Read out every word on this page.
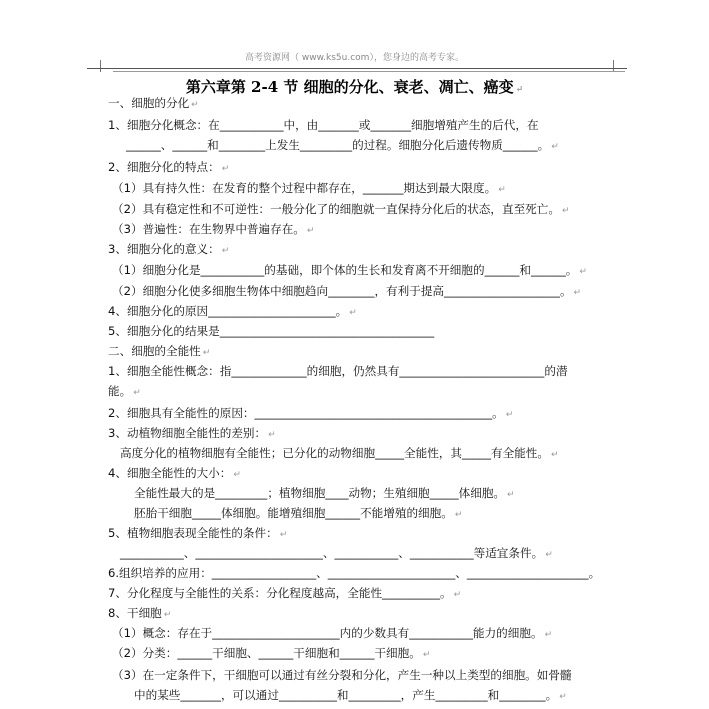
高考资源网（ www.ks5u.com），您身边的高考专家。
第六章第 2-4 节 细胞的分化、衰老、凋亡、癌变 ↵
一、细胞的分化 ↵
1、细胞分化概念：在___________中，由_______或_______细胞增殖产生的后代，在
______、______和________上发生_________的过程。细胞分化后遗传物质______。 ↵
2、细胞分化的特点： ↵
（1）具有持久性：在发育的整个过程中都存在，_______期达到最大限度。 ↵
（2）具有稳定性和不可逆性：一般分化了的细胞就一直保持分化后的状态，直至死亡。 ↵
（3）普遍性：在生物界中普遍存在。 ↵
3、细胞分化的意义： ↵
（1）细胞分化是___________的基础，即个体的生长和发育离不开细胞的______和______。 ↵
（2）细胞分化使多细胞生物体中细胞趋向________，有利于提高____________________。 ↵
4、细胞分化的原因______________________。 ↵
5、细胞分化的结果是_____________________________________
二、细胞的全能性 ↵
1、细胞全能性概念：指_____________的细胞，仍然具有_________________________的潜
能。 ↵
2、细胞具有全能性的原因：_________________________________________。 ↵
3、动植物细胞全能性的差别： ↵
高度分化的植物细胞有全能性；已分化的动物细胞_____全能性，其_____有全能性。 ↵
4、细胞全能性的大小： ↵
全能性最大的是_________；植物细胞____动物；生殖细胞_____体细胞。 ↵
胚胎干细胞_____体细胞。能增殖细胞______不能增殖的细胞。 ↵
5、植物细胞表现全能性的条件： ↵
___________、______________________、___________、___________等适宜条件。 ↵
6.组织培养的应用：__________________、______________________、_____________________。
7、分化程度与全能性的关系：分化程度越高，全能性__________。 ↵
8、干细胞 ↵
（1）概念：存在于______________________内的少数具有___________能力的细胞。 ↵
（2）分类：______干细胞、______干细胞和______干细胞。 ↵
（3）在一定条件下，干细胞可以通过有丝分裂和分化，产生一种以上类型的细胞。如骨髓
中的某些_______，可以通过__________和_________，产生_________和________。 ↵
